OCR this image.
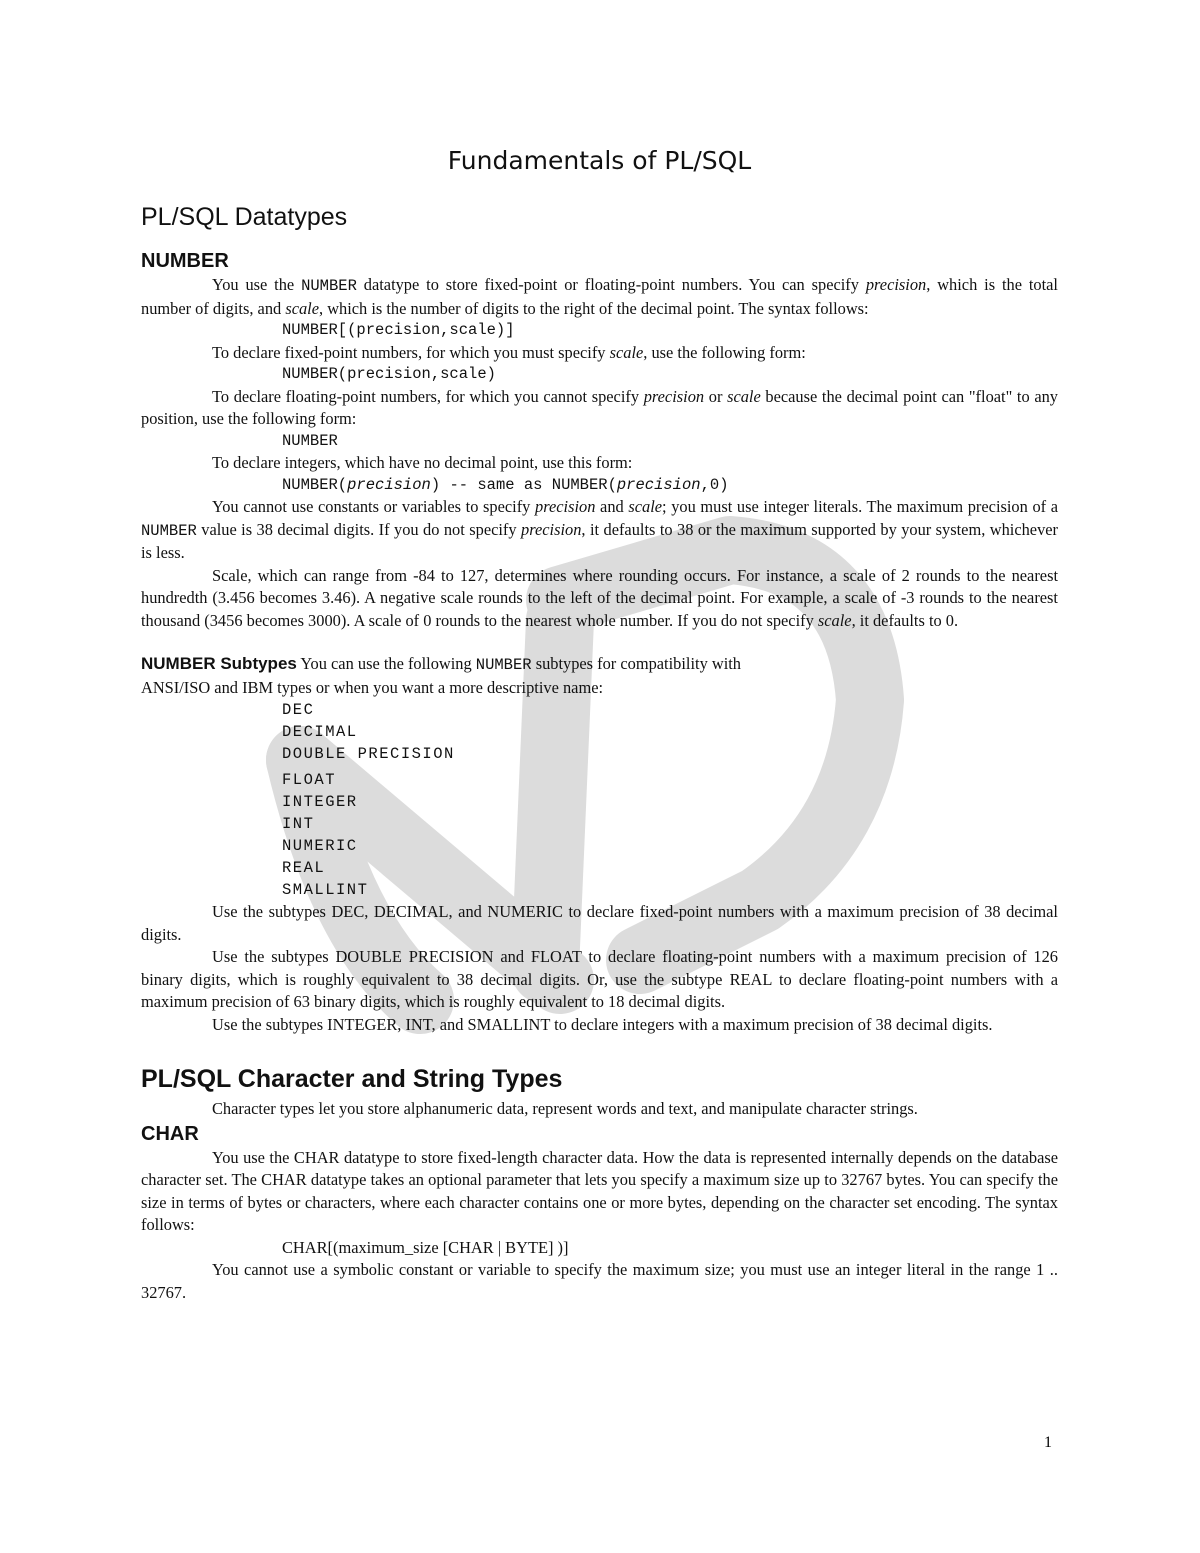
Fundamentals of PL/SQL
PL/SQL Datatypes
NUMBER

You use the NUMBER datatype to store fixed-point or floating-point numbers. You can specify precision, which is the total number of digits, and scale, which is the number of digits to the right of the decimal point. The syntax follows:

NUMBER[(precision,scale)]

To declare fixed-point numbers, for which you must specify scale, use the following form:

NUMBER(precision,scale)

To declare floating-point numbers, for which you cannot specify precision or scale because the decimal point can "float" to any position, use the following form:

NUMBER

To declare integers, which have no decimal point, use this form:

NUMBER(precision) -- same as NUMBER(precision,0)

You cannot use constants or variables to specify precision and scale; you must use integer literals. The maximum precision of a NUMBER value is 38 decimal digits. If you do not specify precision, it defaults to 38 or the maximum supported by your system, whichever is less.

Scale, which can range from -84 to 127, determines where rounding occurs. For instance, a scale of 2 rounds to the nearest hundredth (3.456 becomes 3.46). A negative scale rounds to the left of the decimal point. For example, a scale of -3 rounds to the nearest thousand (3456 becomes 3000). A scale of 0 rounds to the nearest whole number. If you do not specify scale, it defaults to 0.

NUMBER Subtypes You can use the following NUMBER subtypes for compatibility with

ANSI/ISO and IBM types or when you want a more descriptive name:

DEC
DECIMAL
DOUBLE PRECISION
FLOAT
INTEGER
INT
NUMERIC
REAL
SMALLINT

Use the subtypes DEC, DECIMAL, and NUMERIC to declare fixed-point numbers with a maximum precision of 38 decimal digits.

Use the subtypes DOUBLE PRECISION and FLOAT to declare floating-point numbers with a maximum precision of 126 binary digits, which is roughly equivalent to 38 decimal digits. Or, use the subtype REAL to declare floating-point numbers with a maximum precision of 63 binary digits, which is roughly equivalent to 18 decimal digits.

Use the subtypes INTEGER, INT, and SMALLINT to declare integers with a maximum precision of 38 decimal digits.

PL/SQL Character and String Types

Character types let you store alphanumeric data, represent words and text, and manipulate character strings.

CHAR

You use the CHAR datatype to store fixed-length character data. How the data is represented internally depends on the database character set. The CHAR datatype takes an optional parameter that lets you specify a maximum size up to 32767 bytes. You can specify the size in terms of bytes or characters, where each character contains one or more bytes, depending on the character set encoding. The syntax follows:

CHAR[(maximum_size [CHAR | BYTE] )]

You cannot use a symbolic constant or variable to specify the maximum size; you must use an integer literal in the range 1 .. 32767.

1
